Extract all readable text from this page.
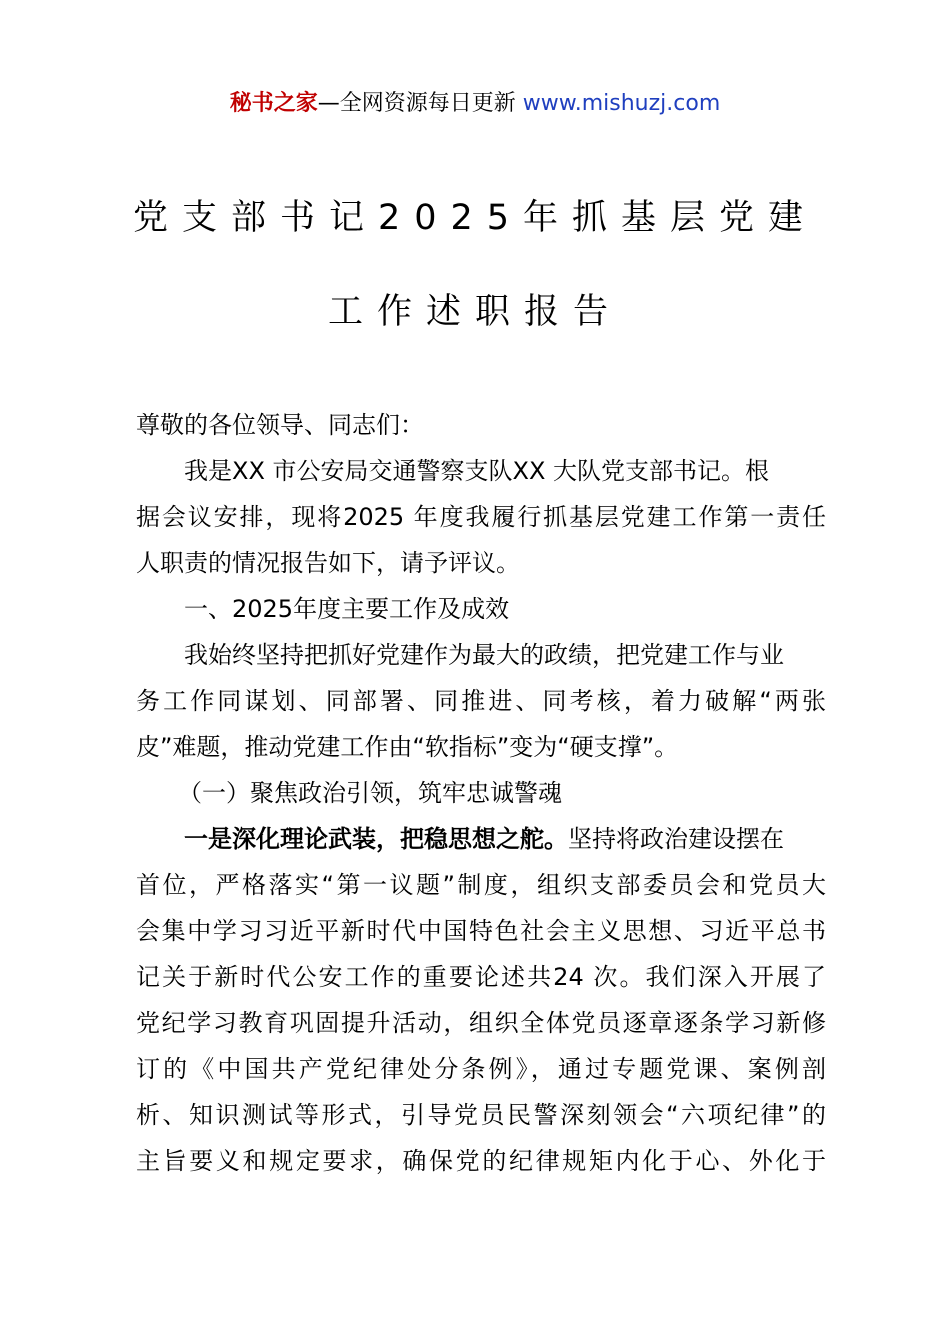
秘书之家—全网资源每日更新 www.mishuzj.com
党支部书记2025年抓基层党建
工作述职报告
尊敬的各位领导、同志们：
我是XX 市公安局交通警察支队XX 大队党支部书记。根
据会议安排，现将2025 年度我履行抓基层党建工作第一责任
人职责的情况报告如下，请予评议。
一、2025年度主要工作及成效
我始终坚持把抓好党建作为最大的政绩，把党建工作与业
务工作同谋划、同部署、同推进、同考核，着力破解“两张
皮”难题，推动党建工作由“软指标”变为“硬支撑”。
（一）聚焦政治引领，筑牢忠诚警魂
一是深化理论武装，把稳思想之舵。坚持将政治建设摆在
首位，严格落实“第一议题”制度，组织支部委员会和党员大
会集中学习习近平新时代中国特色社会主义思想、习近平总书
记关于新时代公安工作的重要论述共24 次。我们深入开展了
党纪学习教育巩固提升活动，组织全体党员逐章逐条学习新修
订的《中国共产党纪律处分条例》，通过专题党课、案例剖
析、知识测试等形式，引导党员民警深刻领会“六项纪律”的
主旨要义和规定要求，确保党的纪律规矩内化于心、外化于
